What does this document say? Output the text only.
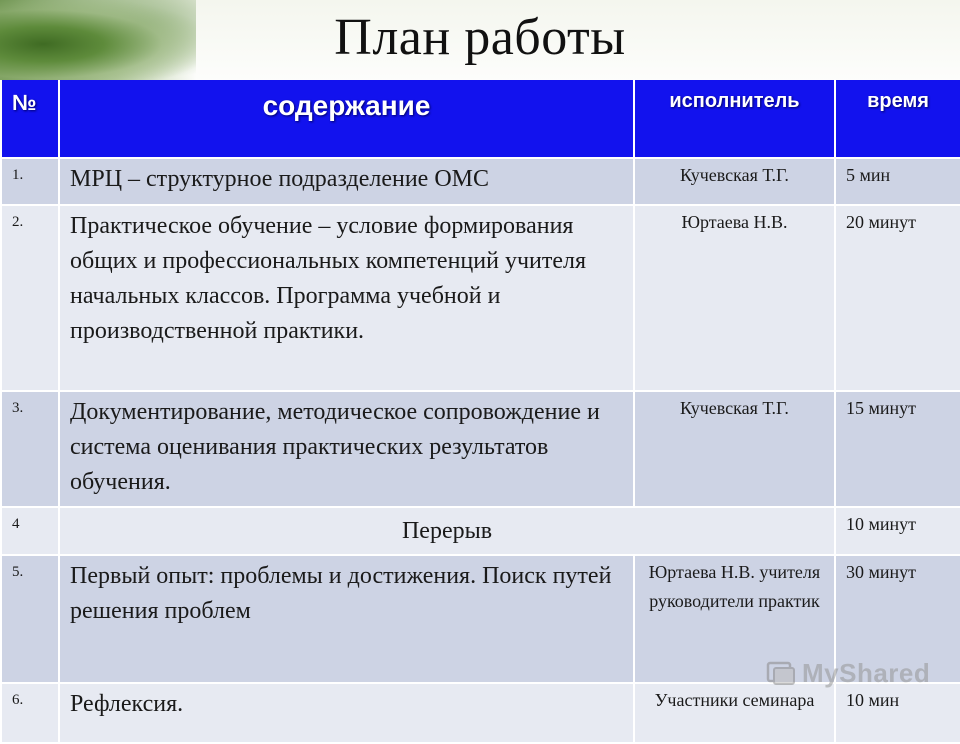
План работы
№	содержание	исполнитель	время
1.	МРЦ – структурное подразделение ОМС	Кучевская Т.Г.	5 мин
2.	Практическое обучение – условие формирования общих и профессиональных компетенций учителя начальных классов. Программа учебной и производственной практики.	Юртаева Н.В.	20 минут
3.	Документирование, методическое сопровождение и система оценивания практических результатов обучения.	Кучевская Т.Г.	15 минут
4	Перерыв		10 минут
5.	Первый опыт: проблемы и достижения. Поиск путей решения проблем	Юртаева Н.В. учителя руководители практик	30 минут
6.	Рефлексия.	Участники семинара	10 мин
MyShared
